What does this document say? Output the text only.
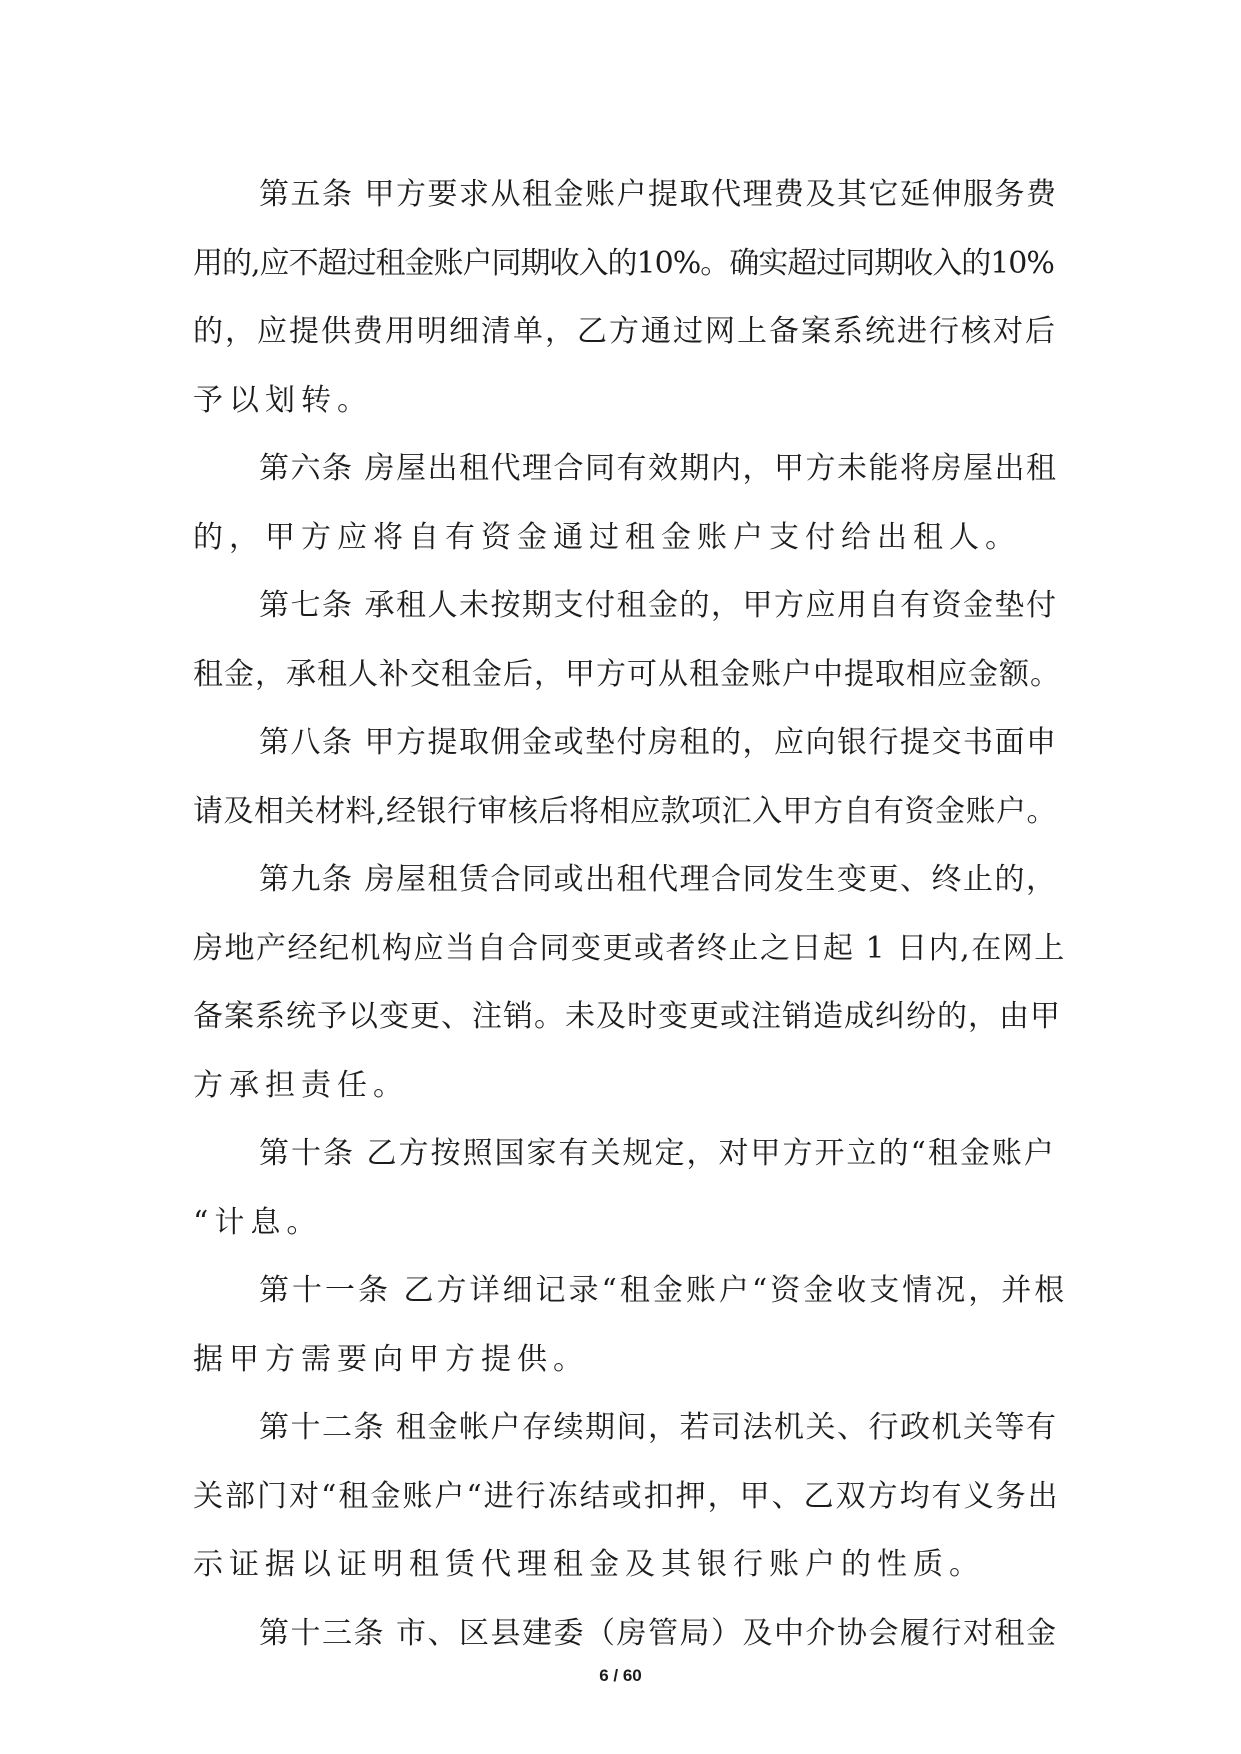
第五条 甲方要求从租金账户提取代理费及其它延伸服务费
用的,应不超过租金账户同期收入的10%。确实超过同期收入的10%
的，应提供费用明细清单，乙方通过网上备案系统进行核对后
予以划转。
第六条 房屋出租代理合同有效期内，甲方未能将房屋出租
的，甲方应将自有资金通过租金账户支付给出租人。
第七条 承租人未按期支付租金的，甲方应用自有资金垫付
租金，承租人补交租金后，甲方可从租金账户中提取相应金额。
第八条 甲方提取佣金或垫付房租的，应向银行提交书面申
请及相关材料,经银行审核后将相应款项汇入甲方自有资金账户。
第九条 房屋租赁合同或出租代理合同发生变更、终止的，
房地产经纪机构应当自合同变更或者终止之日起 1 日内,在网上
备案系统予以变更、注销。未及时变更或注销造成纠纷的，由甲
方承担责任。
第十条 乙方按照国家有关规定，对甲方开立的“租金账户
“计息。
第十一条 乙方详细记录“租金账户“资金收支情况，并根
据甲方需要向甲方提供。
第十二条 租金帐户存续期间，若司法机关、行政机关等有
关部门对“租金账户“进行冻结或扣押，甲、乙双方均有义务出
示证据以证明租赁代理租金及其银行账户的性质。
第十三条 市、区县建委（房管局）及中介协会履行对租金
6 / 60
